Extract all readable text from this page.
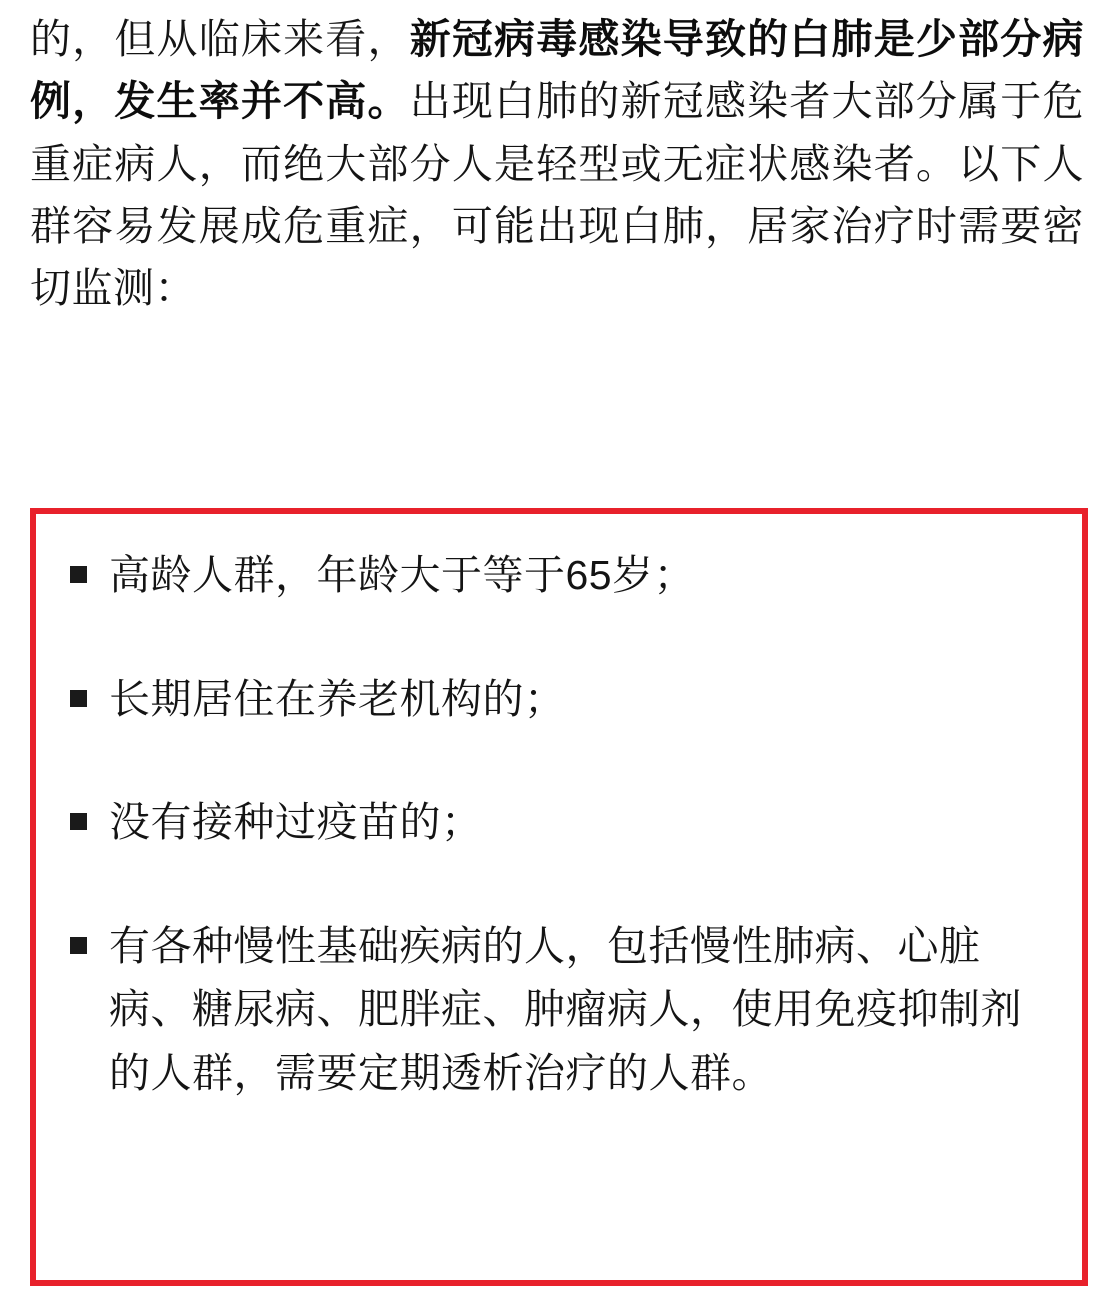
的，但从临床来看，新冠病毒感染导致的白肺是少部分病例，发生率并不高。出现白肺的新冠感染者大部分属于危重症病人，而绝大部分人是轻型或无症状感染者。以下人群容易发展成危重症，可能出现白肺，居家治疗时需要密切监测：
高龄人群，年龄大于等于65岁；
长期居住在养老机构的；
没有接种过疫苗的；
有各种慢性基础疾病的人，包括慢性肺病、心脏病、糖尿病、肥胖症、肿瘤病人，使用免疫抑制剂的人群，需要定期透析治疗的人群。
